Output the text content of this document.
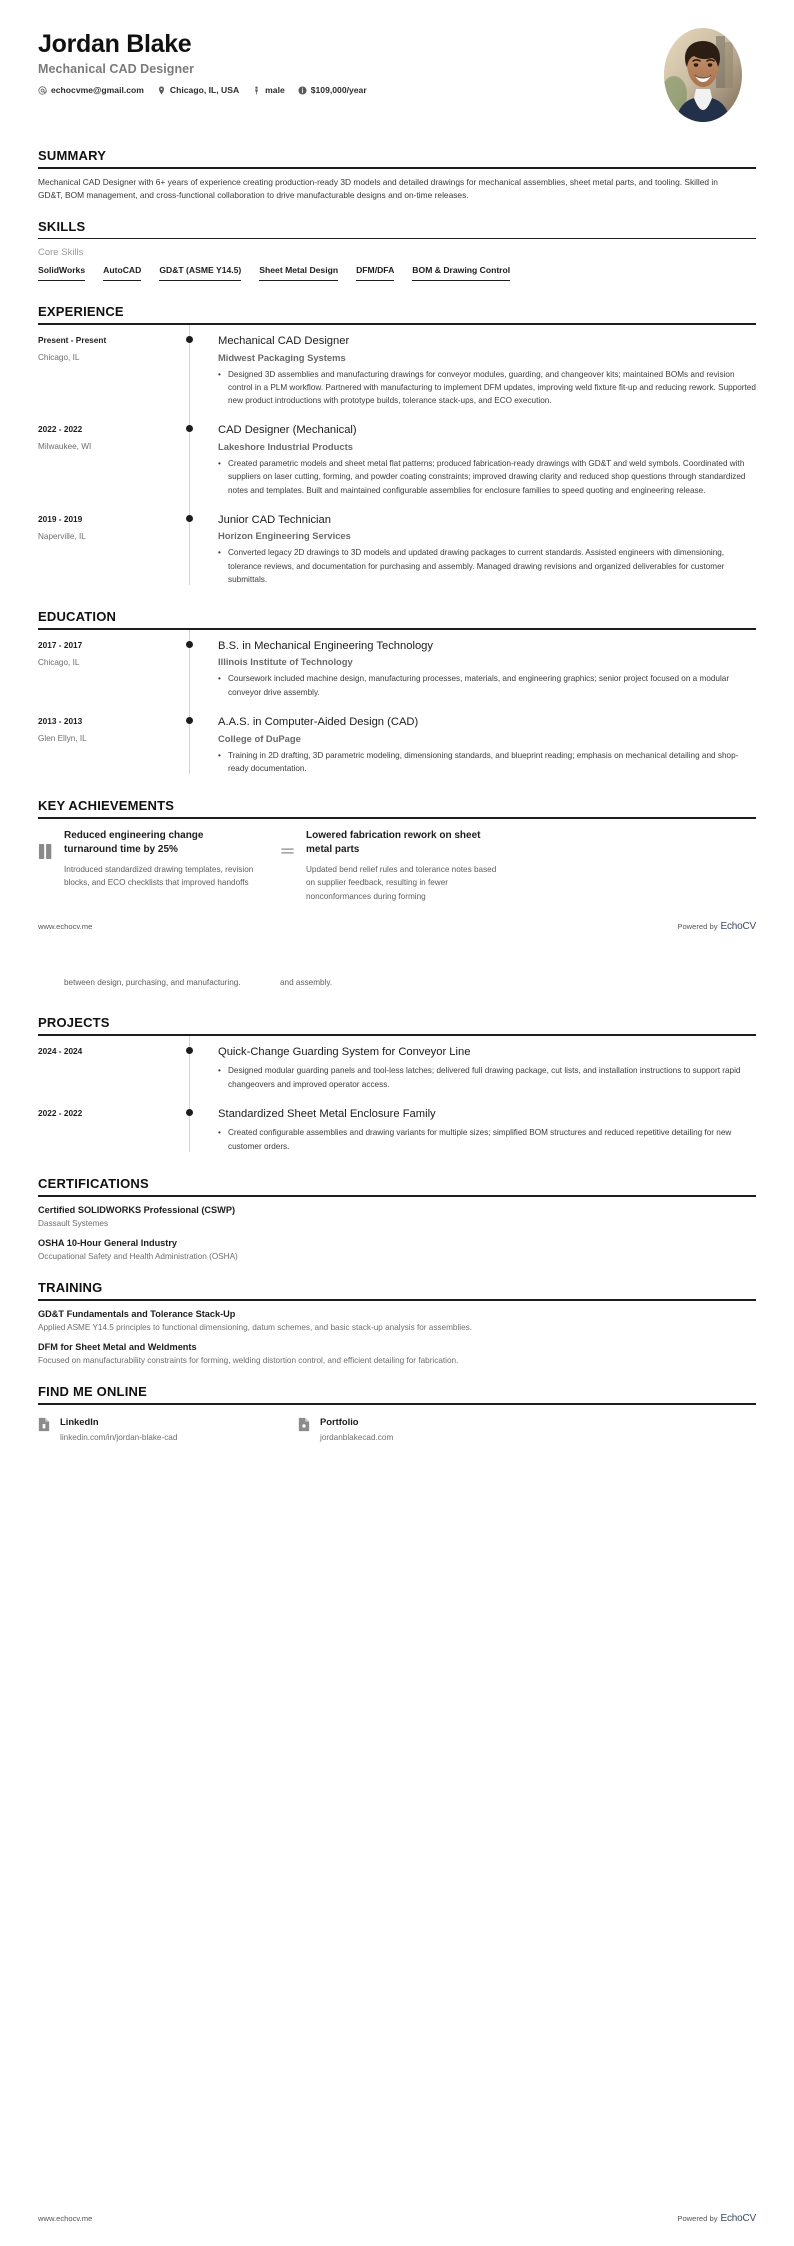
Jordan Blake
Mechanical CAD Designer
echocvme@gmail.com	Chicago, IL, USA	male	$109,000/year
SUMMARY
Mechanical CAD Designer with 6+ years of experience creating production-ready 3D models and detailed drawings for mechanical assemblies, sheet metal parts, and tooling. Skilled in GD&T, BOM management, and cross-functional collaboration to drive manufacturable designs and on-time releases.
SKILLS
Core Skills
SolidWorks AutoCAD GD&T (ASME Y14.5) Sheet Metal Design DFM/DFA BOM & Drawing Control
EXPERIENCE
Present - Present
Chicago, IL
Mechanical CAD Designer
Midwest Packaging Systems
• Designed 3D assemblies and manufacturing drawings for conveyor modules, guarding, and changeover kits; maintained BOMs and revision control in a PLM workflow. Partnered with manufacturing to implement DFM updates, improving weld fixture fit-up and reducing rework. Supported new product introductions with prototype builds, tolerance stack-ups, and ECO execution.
2022 - 2022
Milwaukee, WI
CAD Designer (Mechanical)
Lakeshore Industrial Products
• Created parametric models and sheet metal flat patterns; produced fabrication-ready drawings with GD&T and weld symbols. Coordinated with suppliers on laser cutting, forming, and powder coating constraints; improved drawing clarity and reduced shop questions through standardized notes and templates. Built and maintained configurable assemblies for enclosure families to speed quoting and engineering release.
2019 - 2019
Naperville, IL
Junior CAD Technician
Horizon Engineering Services
• Converted legacy 2D drawings to 3D models and updated drawing packages to current standards. Assisted engineers with dimensioning, tolerance reviews, and documentation for purchasing and assembly. Managed drawing revisions and organized deliverables for customer submittals.
EDUCATION
2017 - 2017
Chicago, IL
B.S. in Mechanical Engineering Technology
Illinois Institute of Technology
• Coursework included machine design, manufacturing processes, materials, and engineering graphics; senior project focused on a modular conveyor drive assembly.
2013 - 2013
Glen Ellyn, IL
A.A.S. in Computer-Aided Design (CAD)
College of DuPage
• Training in 2D drafting, 3D parametric modeling, dimensioning standards, and blueprint reading; emphasis on mechanical detailing and shop-ready documentation.
KEY ACHIEVEMENTS
Reduced engineering change turnaround time by 25%
Introduced standardized drawing templates, revision blocks, and ECO checklists that improved handoffs
Lowered fabrication rework on sheet metal parts
Updated bend relief rules and tolerance notes based on supplier feedback, resulting in fewer nonconformances during forming
www.echocv.me	Powered by EchoCV
between design, purchasing, and manufacturing.	and assembly.
PROJECTS
2024 - 2024	Quick-Change Guarding System for Conveyor Line
• Designed modular guarding panels and tool-less latches; delivered full drawing package, cut lists, and installation instructions to support rapid changeovers and improved operator access.
2022 - 2022	Standardized Sheet Metal Enclosure Family
• Created configurable assemblies and drawing variants for multiple sizes; simplified BOM structures and reduced repetitive detailing for new customer orders.
CERTIFICATIONS
Certified SOLIDWORKS Professional (CSWP)
Dassault Systemes
OSHA 10-Hour General Industry
Occupational Safety and Health Administration (OSHA)
TRAINING
GD&T Fundamentals and Tolerance Stack-Up
Applied ASME Y14.5 principles to functional dimensioning, datum schemes, and basic stack-up analysis for assemblies.
DFM for Sheet Metal and Weldments
Focused on manufacturability constraints for forming, welding distortion control, and efficient detailing for fabrication.
FIND ME ONLINE
LinkedIn
linkedin.com/in/jordan-blake-cad
Portfolio
jordanblakecad.com
www.echocv.me	Powered by EchoCV
